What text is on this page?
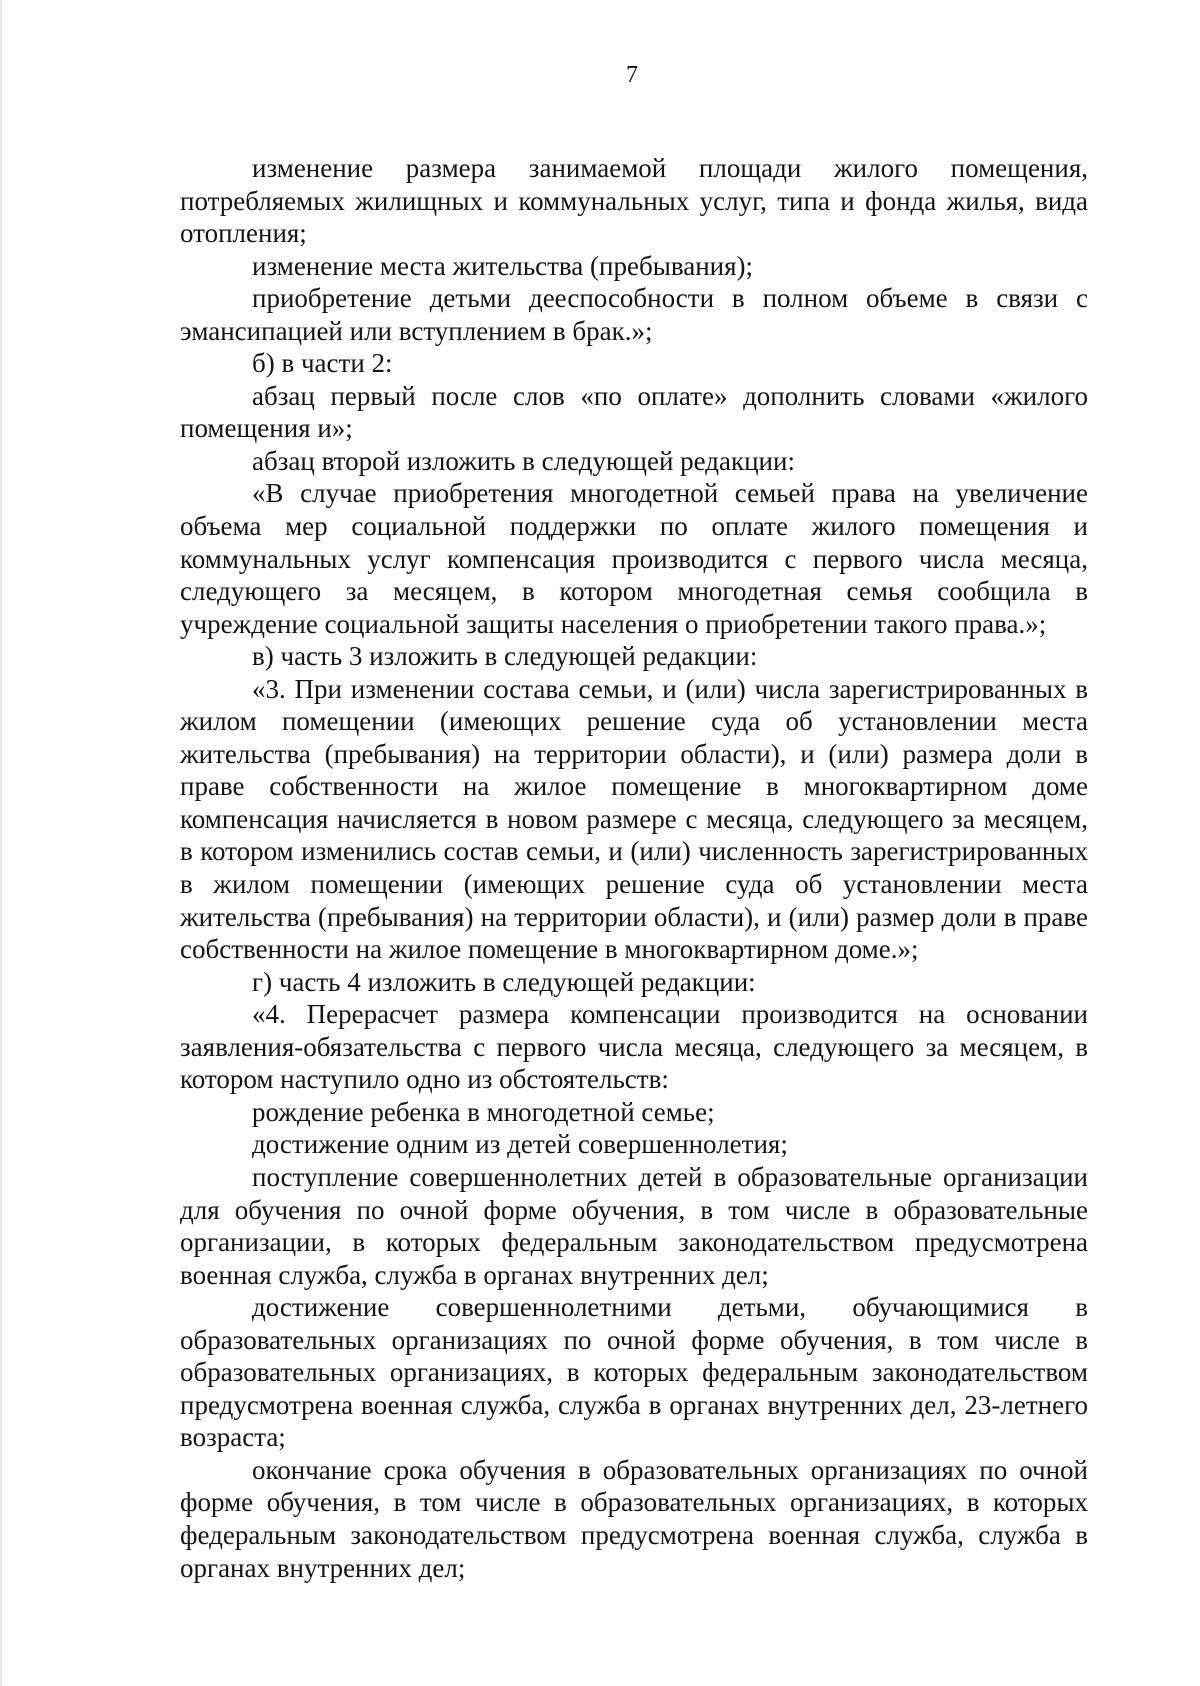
7

изменение размера занимаемой площади жилого помещения, потребляемых жилищных и коммунальных услуг, типа и фонда жилья, вида отопления;

изменение места жительства (пребывания);

приобретение детьми дееспособности в полном объеме в связи с эмансипацией или вступлением в брак.»;

б) в части 2:

абзац первый после слов «по оплате» дополнить словами «жилого помещения и»;

абзац второй изложить в следующей редакции:

«В случае приобретения многодетной семьей права на увеличение объема мер социальной поддержки по оплате жилого помещения и коммунальных услуг компенсация производится с первого числа месяца, следующего за месяцем, в котором многодетная семья сообщила в учреждение социальной защиты населения о приобретении такого права.»;

в) часть 3 изложить в следующей редакции:

«3. При изменении состава семьи, и (или) числа зарегистрированных в жилом помещении (имеющих решение суда об установлении места жительства (пребывания) на территории области), и (или) размера доли в праве собственности на жилое помещение в многоквартирном доме компенсация начисляется в новом размере с месяца, следующего за месяцем, в котором изменились состав семьи, и (или) численность зарегистрированных в жилом помещении (имеющих решение суда об установлении места жительства (пребывания) на территории области), и (или) размер доли в праве собственности на жилое помещение в многоквартирном доме.»;

г) часть 4 изложить в следующей редакции:

«4. Перерасчет размера компенсации производится на основании заявления-обязательства с первого числа месяца, следующего за месяцем, в котором наступило одно из обстоятельств:

рождение ребенка в многодетной семье;

достижение одним из детей совершеннолетия;

поступление совершеннолетних детей в образовательные организации для обучения по очной форме обучения, в том числе в образовательные организации, в которых федеральным законодательством предусмотрена военная служба, служба в органах внутренних дел;

достижение совершеннолетними детьми, обучающимися в образовательных организациях по очной форме обучения, в том числе в образовательных организациях, в которых федеральным законодательством предусмотрена военная служба, служба в органах внутренних дел, 23-летнего возраста;

окончание срока обучения в образовательных организациях по очной форме обучения, в том числе в образовательных организациях, в которых федеральным законодательством предусмотрена военная служба, служба в органах внутренних дел;
